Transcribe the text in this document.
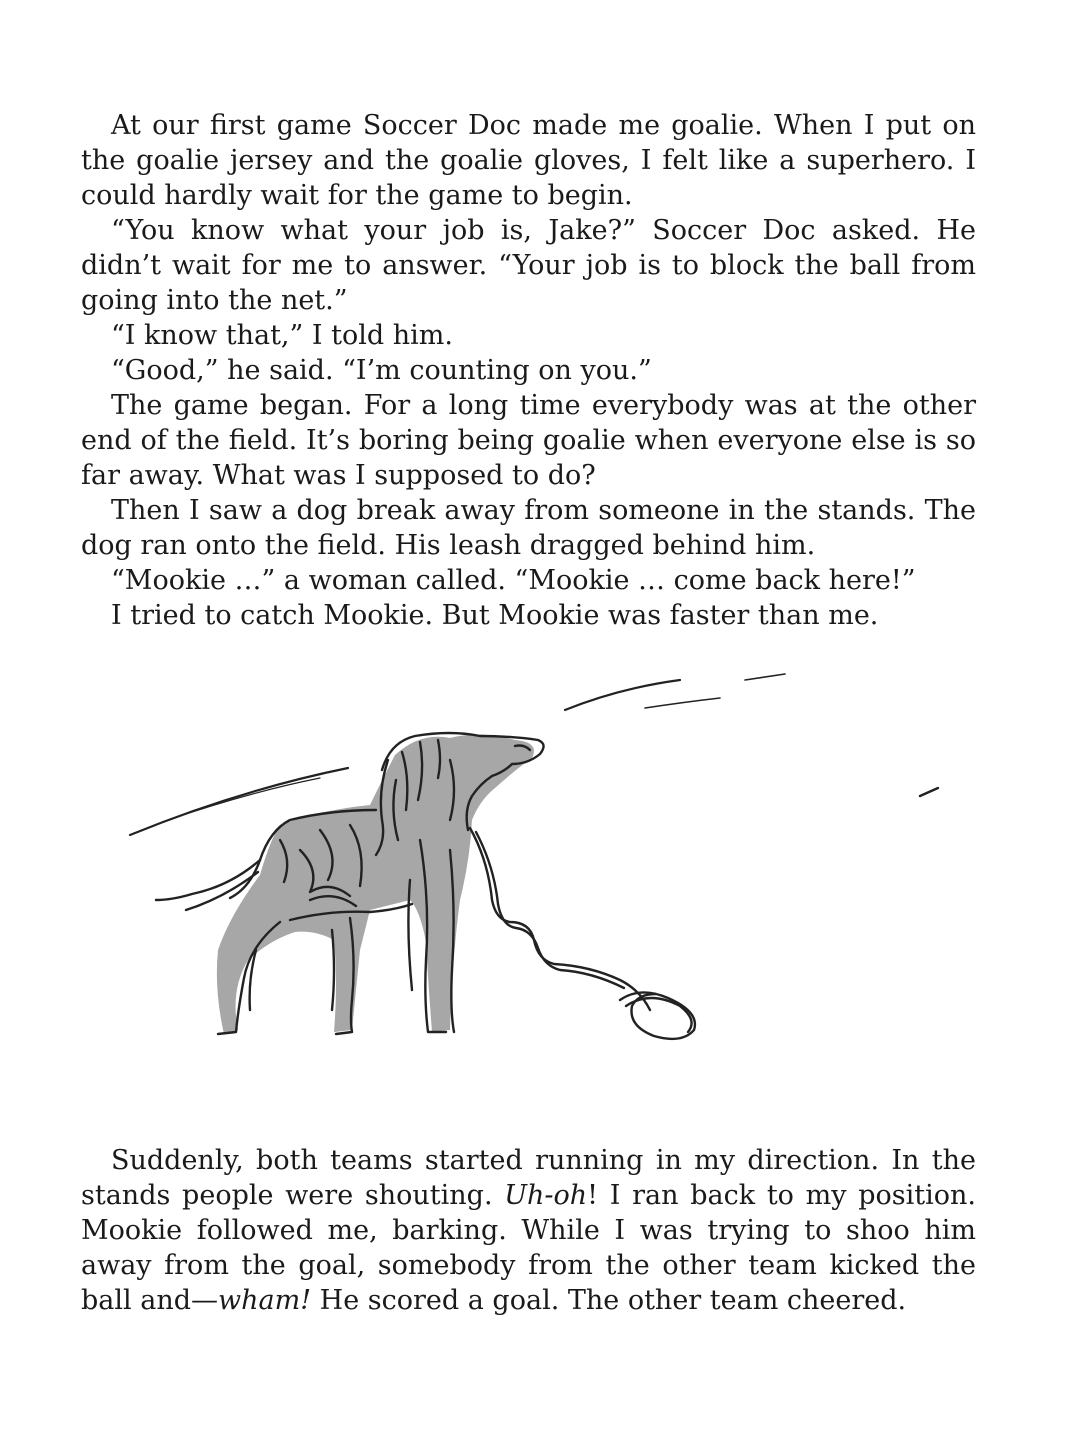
At our first game Soccer Doc made me goalie. When I put on the goalie jersey and the goalie gloves, I felt like a superhero. I could hardly wait for the game to begin.

“You know what your job is, Jake?” Soccer Doc asked. He didn’t wait for me to answer. “Your job is to block the ball from going into the net.”

“I know that,” I told him.

“Good,” he said. “I’m counting on you.”

The game began. For a long time everybody was at the other end of the field. It’s boring being goalie when everyone else is so far away. What was I supposed to do?

Then I saw a dog break away from someone in the stands. The dog ran onto the field. His leash dragged behind him.

“Mookie …” a woman called. “Mookie … come back here!”

I tried to catch Mookie. But Mookie was faster than me.

Suddenly, both teams started running in my direction. In the stands people were shouting. Uh-oh! I ran back to my position. Mookie followed me, barking. While I was trying to shoo him away from the goal, somebody from the other team kicked the ball and—wham! He scored a goal. The other team cheered.
